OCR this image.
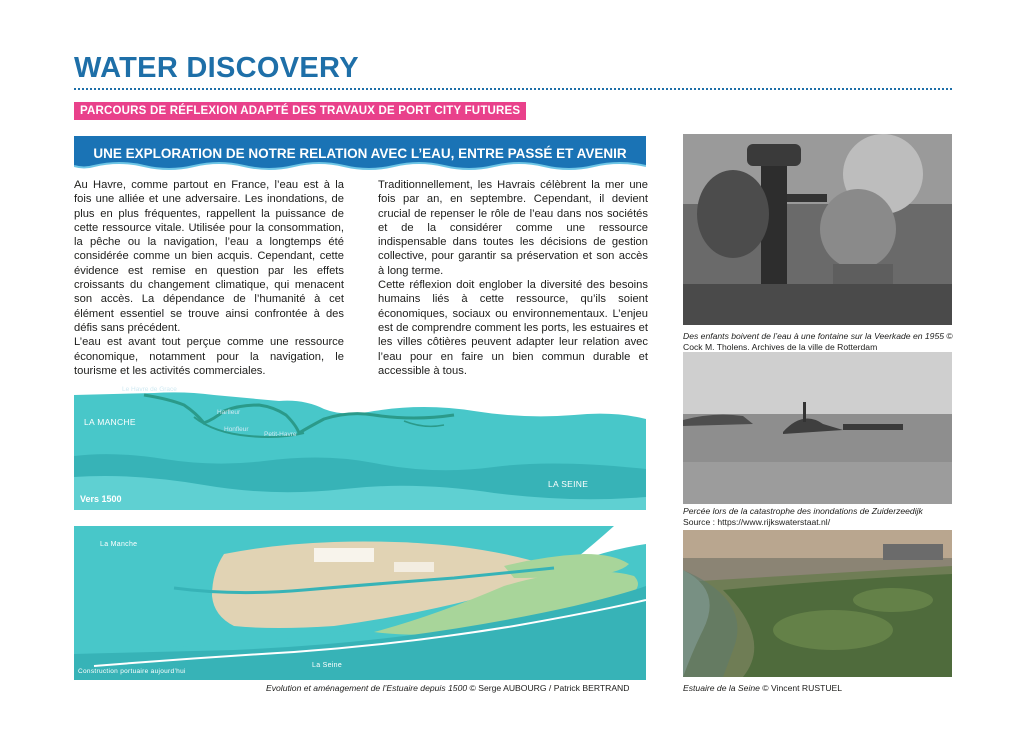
WATER DISCOVERY
PARCOURS DE RÉFLEXION ADAPTÉ DES TRAVAUX DE PORT CITY FUTURES
UNE EXPLORATION DE NOTRE RELATION AVEC L’EAU, ENTRE PASSÉ ET AVENIR

Au Havre, comme partout en France, l’eau est à la fois une alliée et une adversaire. Les inondations, de plus en plus fréquentes, rappellent la puissance de cette ressource vitale. Utilisée pour la consommation, la pêche ou la navigation, l’eau a longtemps été considérée comme un bien acquis. Cependant, cette évidence est remise en question par les effets croissants du changement climatique, qui menacent son accès. La dépendance de l’humanité à cet élément essentiel se trouve ainsi confrontée à des défis sans précédent.

L’eau est avant tout perçue comme une ressource économique, notamment pour la navigation, le tourisme et les activités commerciales.

Traditionnellement, les Havrais célèbrent la mer une fois par an, en septembre. Cependant, il devient crucial de repenser le rôle de l’eau dans nos sociétés et de la considérer comme une ressource indispensable dans toutes les décisions de gestion collective, pour garantir sa préservation et son accès à long terme.

Cette réflexion doit englober la diversité des besoins humains liés à cette ressource, qu’ils soient économiques, sociaux ou environnementaux. L’enjeu est de comprendre comment les ports, les estuaires et les villes côtières peuvent adapter leur relation avec l’eau pour en faire un bien commun durable et accessible à tous.

LA MANCHE
LA SEINE
Vers 1500
Le Havre de Grace
Harfleur
Honfleur
Petit-Havre
La Manche
La Seine
Construction portuaire aujourd’hui
Evolution et aménagement de l’Estuaire depuis 1500 © Serge AUBOURG / Patrick BERTRAND
Des enfants boivent de l’eau à une fontaine sur la Veerkade en 1955 © Cock M. Tholens. Archives de la ville de Rotterdam
Percée lors de la catastrophe des inondations de Zuiderzeedijk
Source : https://www.rijkswaterstaat.nl/
Estuaire de la Seine © Vincent RUSTUEL
